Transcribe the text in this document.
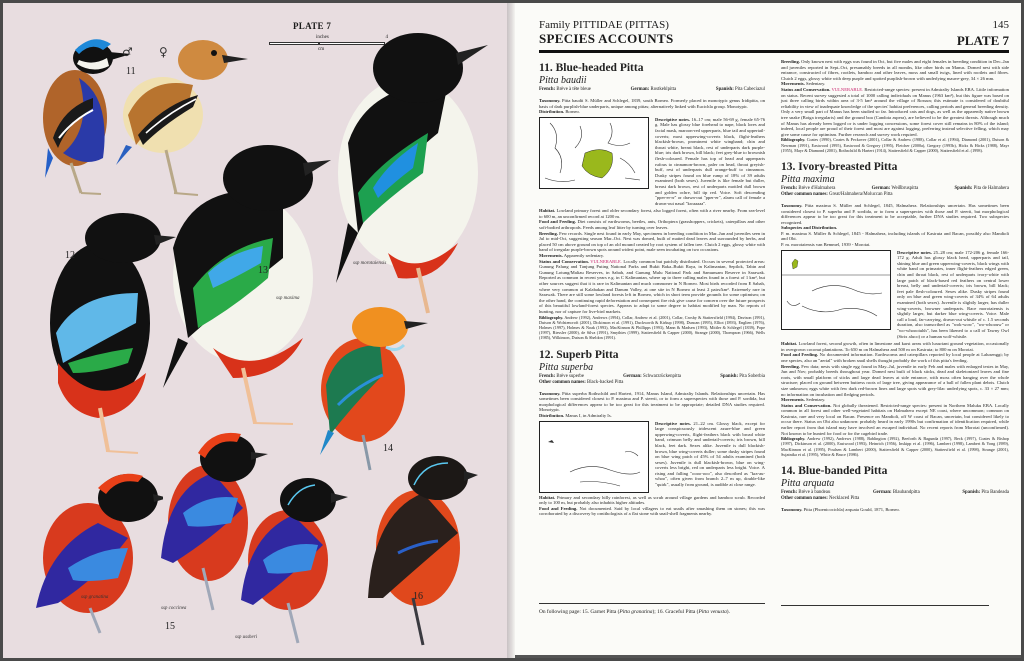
PLATE 7
inches	4
cm
♂ ♀
11
ssp morotaiensis
13
ssp maxima
12
14
ssp granatina
ssp coccinea
15
ssp ussheri
16
Family PITTIDAE (PITTAS)
SPECIES ACCOUNTS
145
PLATE 7
11. Blue-headed Pitta
Pitta baudii
French: Brève à tête bleue	German: Rostkehlpitta	Spanish: Pita Cabeciazul

Taxonomy. Pitta baudii S. Müller and Schlegel, 1839, south Borneo. Formerly placed in monotypic genus Iridipitta, on basis of dark purplish-blue underparts, unique among pittas; alternatively linked with Eucichla group. Monotypic.

Distribution. Borneo.

Descriptive notes. 16–17 cm; male 56-69 g, female 65-76 g. Male has glossy blue forehead to nape, black lores and facial mask, maroon-red upperparts, blue tail and uppertail-coverts; most upperwing-coverts black, flight-feathers blackish-brown, prominent white wingband; chin and throat white, breast black, rest of underparts dark purple-blue; iris dark brown, bill black; feet grey-blue to brownish flesh-coloured. Female has top of head and upperparts rufous to cinnamon-brown, paler on head, throat greyish-buff, rest of underparts dull orange-buff to cinnamon. Dusky stripes found on blue rump of 18% of 39 adults examined (both sexes). Juvenile is like female but duller, breast dark brown, rest of underparts mottled dull brown and golden ochre, bill tip red. Voice. Soft descending "pper-er-rr" or drawn-out "pper-er", alarm call of female a drawn-out nasal "kwaaaaa".

Habitat. Lowland primary forest and older secondary forest, also logged forest, often with a river nearby. From sea-level to 600 m, an unconfirmed record at 1200 m.

Food and Feeding. Diet consists of earthworms, beetles, ants, Orthoptera (grasshoppers, crickets), caterpillars and other soft-bodied arthropods. Feeds among leaf litter by turning over leaves.

Breeding. Few records. Single nest found in early May, specimens in breeding condition in Mar–Jun and juveniles seen in Jul to mid-Oct, suggesting season Mar–Oct. Nest was domed, built of matted dead leaves and surrounded by herbs, and placed 50 cm above ground on top of an old mound created by root system of fallen tree. Clutch 2 eggs, glossy white with band of irregular purple-brown spots around widest point, male seen incubating on two occasions.

Movements. Apparently sedentary.

Status and Conservation. VULNERABLE. Locally common but patchily distributed. Occurs in several protected areas: Gunung Palung and Tanjung Puting National Parks and Bukit Baka–Bukit Raya, in Kalimantan, Sepilok, Tabin and Gunung Lotung/Maliau Reserves, in Sabah, and Gunung Mulu National Park and Samunsam Reserve in Sarawak. Reported as common in recent years e.g. in C Kalimantan, where up to three calling males found in a forest of 1 km², but other sources suggest that it is rare in Kalimantan and much commoner in N Borneo. Most birds recorded from E Sabah, where very common at Kalabakan and Danum Valley, at one site in N Borneo at least 2 pairs/km². Extremely rare in Sarawak. There are still some lowland forests left in Borneo, which in short term provide grounds for some optimism; on the other hand, the continuing rapid deforestation and consequent fire risk give cause for concern over the future prospects of this beautiful lowland-forest species. Appears to adapt to some degree to habitat modified by man. No reports of hunting, nor of capture for live-bird markets.

Bibliography. Andrew (1992), Andrews (1994), Collar, Andrew et al. (2001), Collar, Crosby & Stattersfield (1994), Davison (1991), Dutson & Wolstencroft (2001), Dickinson et al. (1991), Duckworth & Kirkup (1998), Duncan (1995), Elliot (1893), Englien (1976), Holmes (1997), Holmes & Noak (1993), MacKinnon & Phillipps (1993), Mann & Madsen (1993), Mittler & Schlegel (1839), Pope (1997), Riessler (2000), de Silva (1991), Smythies (1999), Stattersfield & Capper (2000), Strange (2000), Thompson (1966), Wells (1985), Wilkinson, Dutson & Sheldon (1991).

12. Superb Pitta
Pitta superba
French: Brève superbe	German: Schwarzrückenpitta	Spanish: Pita Soberbia
Other common names: Black-backed Pitta

Taxonomy. Pitta superba Rothschild and Hartert, 1914, Manus Island, Admiralty Islands. Relationships uncertain. Has sometimes been considered closest to P. maxima and P. steerii, or to form a superspecies with those and P. sordida, but morphological differences appear to be too great for this treatment to be appropriate; detailed DNA studies required. Monotypic.

Distribution. Manus I, in Admiralty Is.

Descriptive notes. 21–22 cm. Glossy black, except for large conspicuously iridescent azure-blue and green upperwing-coverts, flight-feathers black with broad white band, crimson belly and undertail-coverts; iris brown, bill black, feet dark. Sexes alike. Juvenile is dull blackish-brown, blue wing-coverts duller; some dusky stripes found on blue wing patch of 45% of 54 adults examined (both sexes). Juvenile is dull blackish-brown, blue on wing-coverts less bright, red on underparts less bright. Voice. A rising and falling "oooo-ooo", also described as "kra-au-whoo", often given from branch 2–7 m up, double-like "quirk", usually from ground, is audible at close range.

Habitat. Primary and secondary hilly rainforest, as well as scrub around village gardens and bamboo scrub. Recorded only to 100 m, but probably also inhabits higher altitudes.

Food and Feeding. Not documented. Said by local villagers to eat snails after smashing them on stones; this was corroborated by a discovery by ornithologists of a flat stone with snail-shell fragments nearby.

Breeding. Only known nest with eggs was found in Oct, but five males and eight females in breeding condition in Dec–Jan and juveniles reported in Sept–Oct, presumably breeds in all months, like other birds on Manus. Domed nest with side entrance, constructed of fibres, rootlets, bamboo and other leaves, moss and small twigs, lined with rootlets and fibres. Clutch 2 eggs, glossy white with deep purple and spotted purplish-brown with underlying mauve-grey, 34 × 26 mm.

Movements. Sedentary.

Status and Conservation. VULNERABLE. Restricted-range species: present in Admiralty Islands EBA. Little information on status. Recent survey suggested a total of 1000 calling individuals on Manus (1963 km²), but this figure was based on just three calling birds within area of 3-5 km² around the village of Rossun; this estimate is considered of doubtful reliability in view of inadequate knowledge of the species' habitat preferences, calling periods and general breeding density. Only a very small part of Manus has been studied so far. Introduced cats and dogs, as well as the apparently native brown tree snake (Boiga irregularis) and the ground boa (Candoia aspera), are believed to be the greatest threats. Although much of Manus has already been logged or is under logging concessions, some forest cover still remains in 80% of the island; indeed, local people are proud of their forest and most are against logging, preferring instead selective felling, which may give some cause for optimism. Further research and survey work required.

Bibliography. Coates (1990), Coates & Peckover (2001), Collar & Andrew (1988), Collar et al. (1994), Diamond (2001), Dutson & Newman (1991), Eastwood (1995), Eastwood & Gregory (1995), Fletcher (2000a), Gregory (1995b), Hicks & Hicks (1988), Mayr (1955), Mayr & Diamond (2001), Rothschild & Hartert (1914), Stattersfield & Capper (2000), Stattersfield et al. (1998).

13. Ivory-breasted Pitta
Pitta maxima
French: Brève d'Halmahera	German: Weißbruspitta	Spanish: Pita de Halmahera
Other common names: Great/Halmahera/Moluccan Pitta

Taxonomy. Pitta maxima S. Müller and Schlegel, 1845, Halmahera. Relationships uncertain. Has sometimes been considered closest to P. superba and P. sordida, or to form a superspecies with those and P. steerii, but morphological differences appear to be too great for this treatment to be acceptable, further DNA studies required. Two subspecies recognized.

Subspecies and Distribution.

P. m. maxima S. Müller & Schlegel, 1845 - Halmahera, including islands of Kasiruta and Bacan, possibly also Mandioli and Obi.

P. m. morotaiensis van Bemmel, 1939 - Morotai.

Descriptive notes. 25–28 cm; male 172-206 g, female 166-172 g. Adult has glossy black head, upperparts and tail, shining blue and green upperwing-coverts, black wings with white band on primaries, inner flight-feathers edged green, chin and throat black, rest of underparts ivory-white with large patch of black-based red feathers on central lower breast, belly and undertail-coverts; iris brown, bill black; feet pale flesh-coloured. Sexes alike. Dusky stripes found only on blue and green wing-coverts of 34% of 64 adults examined (both sexes). Juvenile is slightly larger, has duller wing-coverts, browner underparts. Race morotaiensis is slightly larger, but darker blue wing-coverts. Voice. Male call a loud, far-carrying, drawn-out whistle of c. 1.5 seconds duration, also transcribed as "wok-wow", "wo-whoouw" or "wo-whoooiuhh", has been likened to a call of Tawny Owl (Strix aluco) or a human wolf-whistle.

Habitat. Lowland forest, second growth, often in limestone and karst areas with luxuriant ground vegetation, occasionally in overgrown coconut plantations. To 650 m on Halmahera and 500 m on Kasiruta; to 800 m on Morotai.

Food and Feeding. No documented information. Earthworms and caterpillars reported by local people at Lalusenggi; by one species, also an "aerial" with broken snail shells thought probably the work of this pitta's feeding.

Breeding. Few data; nests with single egg found in May–Jul, juvenile in early Feb and males with enlarged testes in May, Jun and Nov; probably breeds throughout year. Domed nest built of black sticks, dead and skeletonized leaves and fine roots, with small platform of sticks and large dead leaves at side entrance, with moss often hanging over the whole structure; placed on ground between buttress roots of large tree, giving appearance of a ball of fallen plant debris. Clutch size unknown; eggs white with few dark red-brown lines and large spots with grey-lilac underlying spots, c. 33 × 27 mm; no information on incubation and fledging periods.

Movements. Sedentary.

Status and Conservation. Not globally threatened. Restricted-range species: present in Northern Maluku EBA. Locally common in all forest and other well-vegetated habitats on Halmahera except NE coast, where uncommon; common on Kasiruta, rare and very local on Bacan. Presence on Mandioli, off W coast of Bacan, uncertain, but considered likely to occur there. Status on Obi also unknown: probably heard in early 1990s but confirmation of identification required, while earlier report from that island may have involved an escaped individual. No recent reports from Morotai (unconfirmed). Not known to be hunted for food or for the cagebird trade.

Bibliography. Andrew (1992), Andrews (1988), Bablington (1992), Beeforth & Bagunda (1997), Beck (1997), Coates & Bishop (1997), Dickinson et al. (2000), Eastwood (1993), Heinrich (1956), Inskipp et al. (1996), Lambert (1998), Lambert & Yong (1989), MacKinnon et al. (1995), Poulsen & Lambert (2000), Stattersfield & Capper (2000), Stattersfield et al. (1998), Strange (2001), Sujatnika et al. (1995), White & Bruce (1986).

14. Blue-banded Pitta
Pitta arquata
French: Brève à bandeau	German: Blaubandpitta	Spanish: Pita Bandeada
Other common names: Necklaced Pitta

Taxonomy. Pitta (Phoenicocichla) arquata Gould, 1871, Borneo.

On following page: 15. Garnet Pitta (Pitta granatina); 16. Graceful Pitta (Pitta venusta).
